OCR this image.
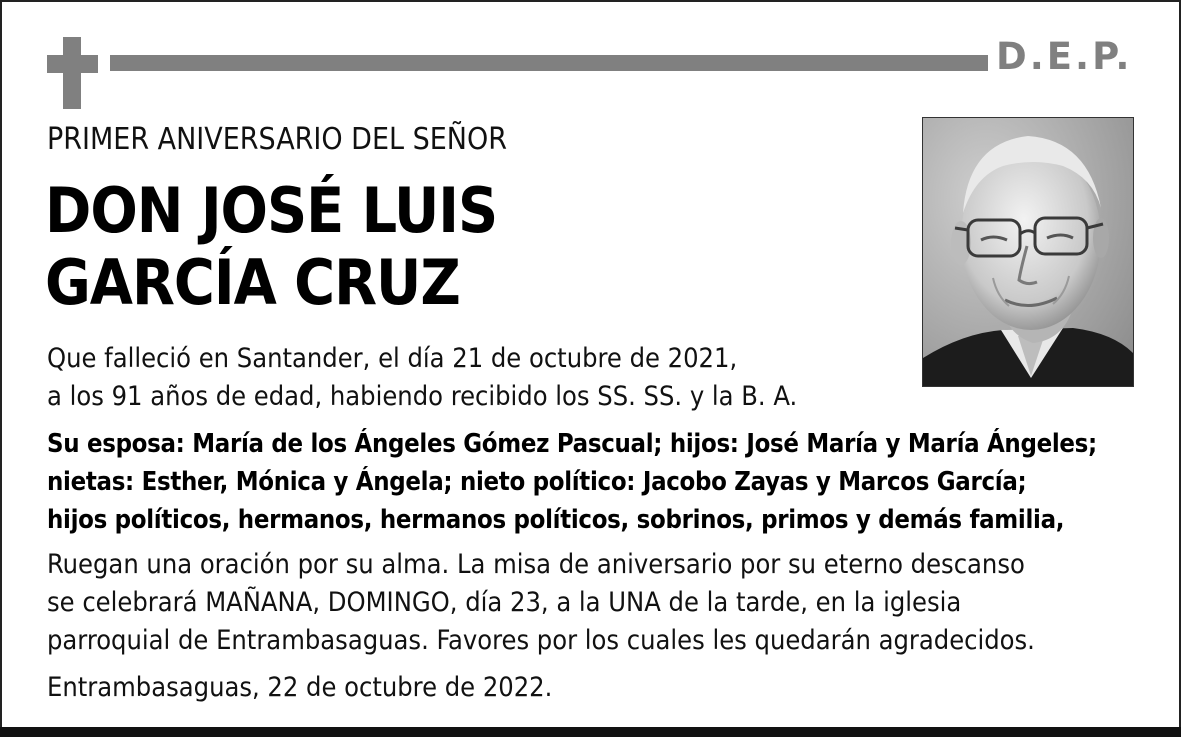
D.E.P.
PRIMER ANIVERSARIO DEL SEÑOR
DON JOSÉ LUIS
GARCÍA CRUZ
Que falleció en Santander, el día 21 de octubre de 2021,
a los 91 años de edad, habiendo recibido los SS. SS. y la B. A.
Su esposa: María de los Ángeles Gómez Pascual; hijos: José María y María Ángeles;
nietas: Esther, Mónica y Ángela; nieto político: Jacobo Zayas y Marcos García;
hijos políticos, hermanos, hermanos políticos, sobrinos, primos y demás familia,
Ruegan una oración por su alma. La misa de aniversario por su eterno descanso
se celebrará MAÑANA, DOMINGO, día 23, a la UNA de la tarde, en la iglesia
parroquial de Entrambasaguas. Favores por los cuales les quedarán agradecidos.
Entrambasaguas, 22 de octubre de 2022.
